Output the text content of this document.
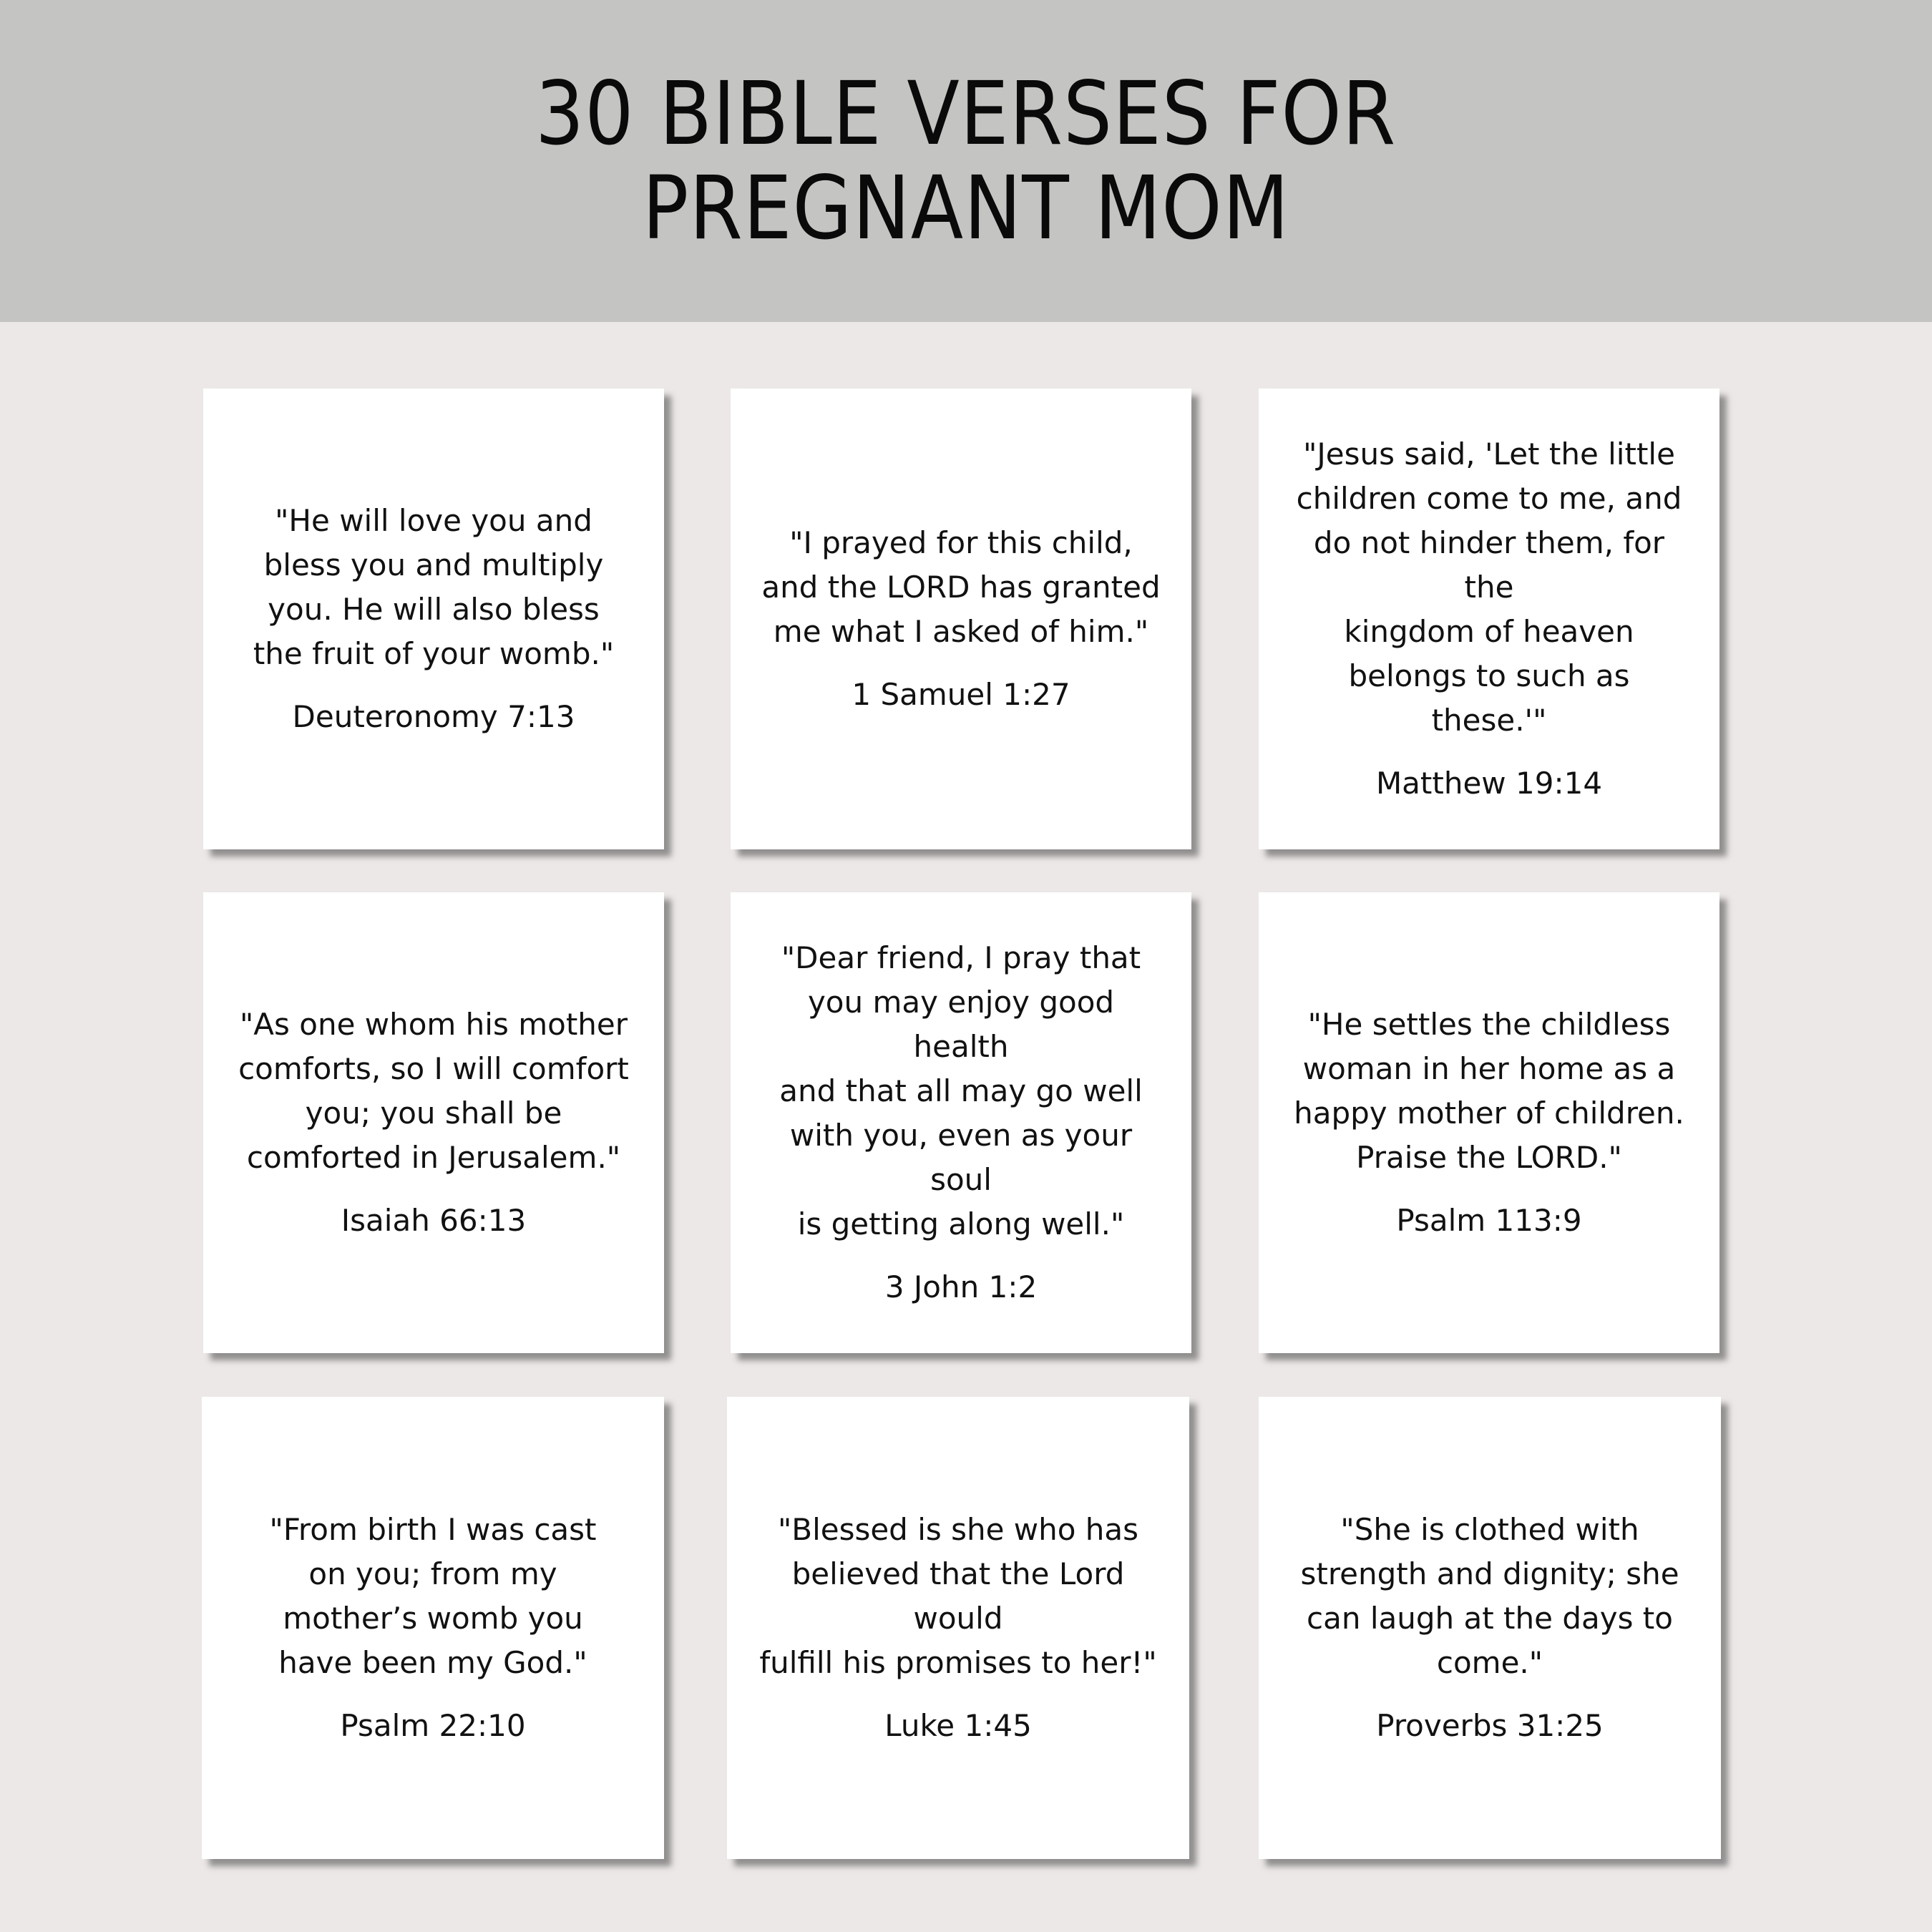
30 BIBLE VERSES FOR
PREGNANT MOM
"He will love you and
bless you and multiply
you. He will also bless
the fruit of your womb."
Deuteronomy 7:13
"I prayed for this child,
and the LORD has granted
me what I asked of him."
1 Samuel 1:27
"Jesus said, 'Let the little
children come to me, and
do not hinder them, for the
kingdom of heaven
belongs to such as these.'"
Matthew 19:14
"As one whom his mother
comforts, so I will comfort
you; you shall be
comforted in Jerusalem."
Isaiah 66:13
"Dear friend, I pray that
you may enjoy good health
and that all may go well
with you, even as your soul
is getting along well."
3 John 1:2
"He settles the childless
woman in her home as a
happy mother of children.
Praise the LORD."
Psalm 113:9
"From birth I was cast
on you; from my
mother’s womb you
have been my God."
Psalm 22:10
"Blessed is she who has
believed that the Lord would
fulfill his promises to her!"
Luke 1:45
"She is clothed with
strength and dignity; she
can laugh at the days to
come."
Proverbs 31:25
